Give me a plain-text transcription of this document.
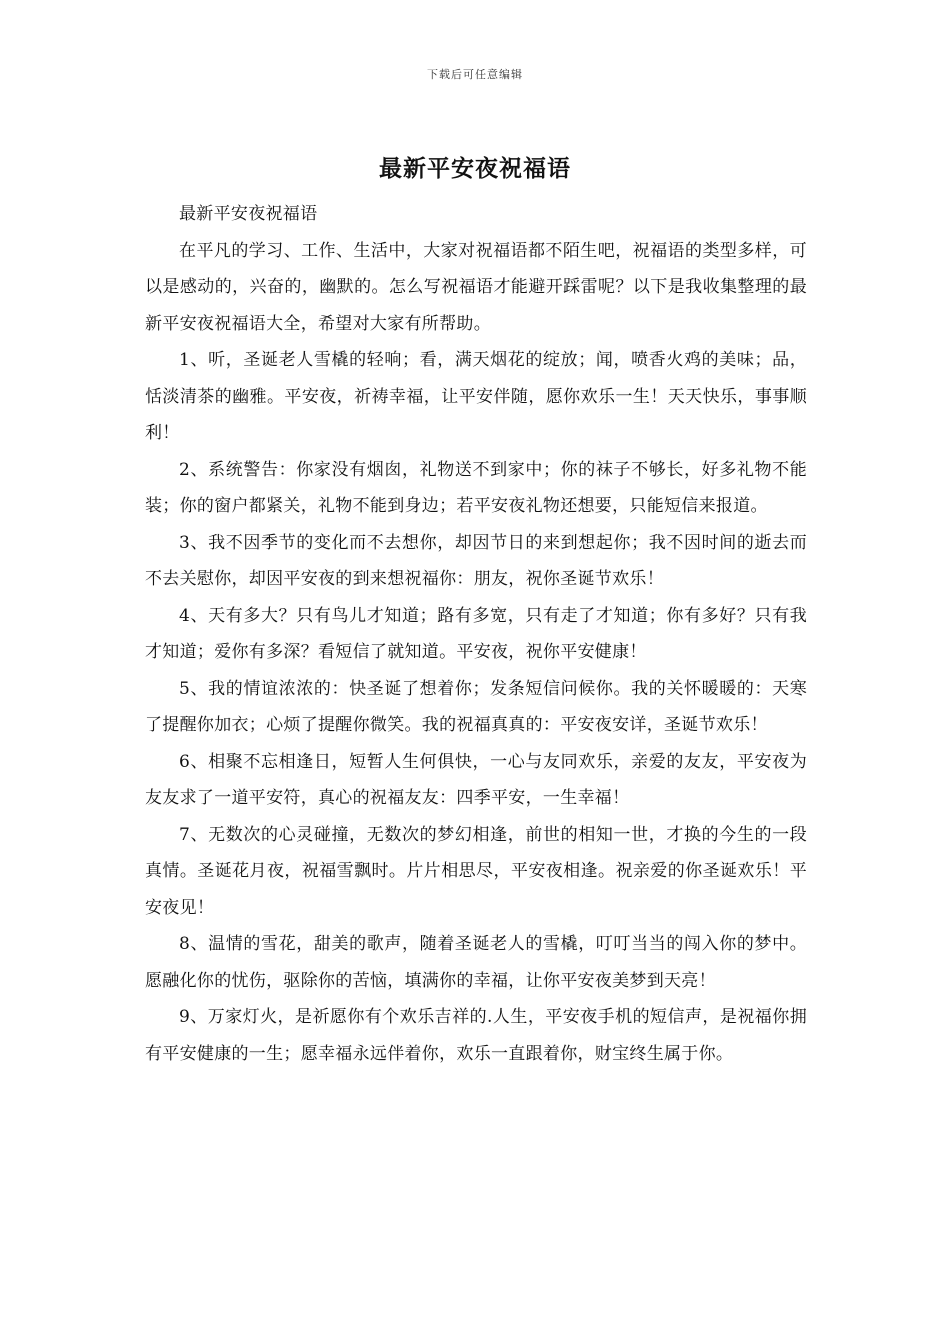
下载后可任意编辑
最新平安夜祝福语

最新平安夜祝福语

在平凡的学习、工作、生活中，大家对祝福语都不陌生吧，祝福语的类型多样，可以是感动的，兴奋的，幽默的。怎么写祝福语才能避开踩雷呢？以下是我收集整理的最新平安夜祝福语大全，希望对大家有所帮助。

1、听，圣诞老人雪橇的轻响；看，满天烟花的绽放；闻，喷香火鸡的美味；品，恬淡清茶的幽雅。平安夜，祈祷幸福，让平安伴随，愿你欢乐一生！天天快乐，事事顺利！

2、系统警告：你家没有烟囱，礼物送不到家中；你的袜子不够长，好多礼物不能装；你的窗户都紧关，礼物不能到身边；若平安夜礼物还想要，只能短信来报道。

3、我不因季节的变化而不去想你，却因节日的来到想起你；我不因时间的逝去而不去关慰你，却因平安夜的到来想祝福你：朋友，祝你圣诞节欢乐！

4、天有多大？只有鸟儿才知道；路有多宽，只有走了才知道；你有多好？只有我才知道；爱你有多深？看短信了就知道。平安夜，祝你平安健康！

5、我的情谊浓浓的：快圣诞了想着你；发条短信问候你。我的关怀暖暖的：天寒了提醒你加衣；心烦了提醒你微笑。我的祝福真真的：平安夜安详，圣诞节欢乐！

6、相聚不忘相逢日，短暂人生何俱快，一心与友同欢乐，亲爱的友友，平安夜为友友求了一道平安符，真心的祝福友友：四季平安，一生幸福！

7、无数次的心灵碰撞，无数次的梦幻相逢，前世的相知一世，才换的今生的一段真情。圣诞花月夜，祝福雪飘时。片片相思尽，平安夜相逢。祝亲爱的你圣诞欢乐！平安夜见！

8、温情的雪花，甜美的歌声，随着圣诞老人的雪橇，叮叮当当的闯入你的梦中。愿融化你的忧伤，驱除你的苦恼，填满你的幸福，让你平安夜美梦到天亮！

9、万家灯火，是祈愿你有个欢乐吉祥的.人生，平安夜手机的短信声，是祝福你拥有平安健康的一生；愿幸福永远伴着你，欢乐一直跟着你，财宝终生属于你。
